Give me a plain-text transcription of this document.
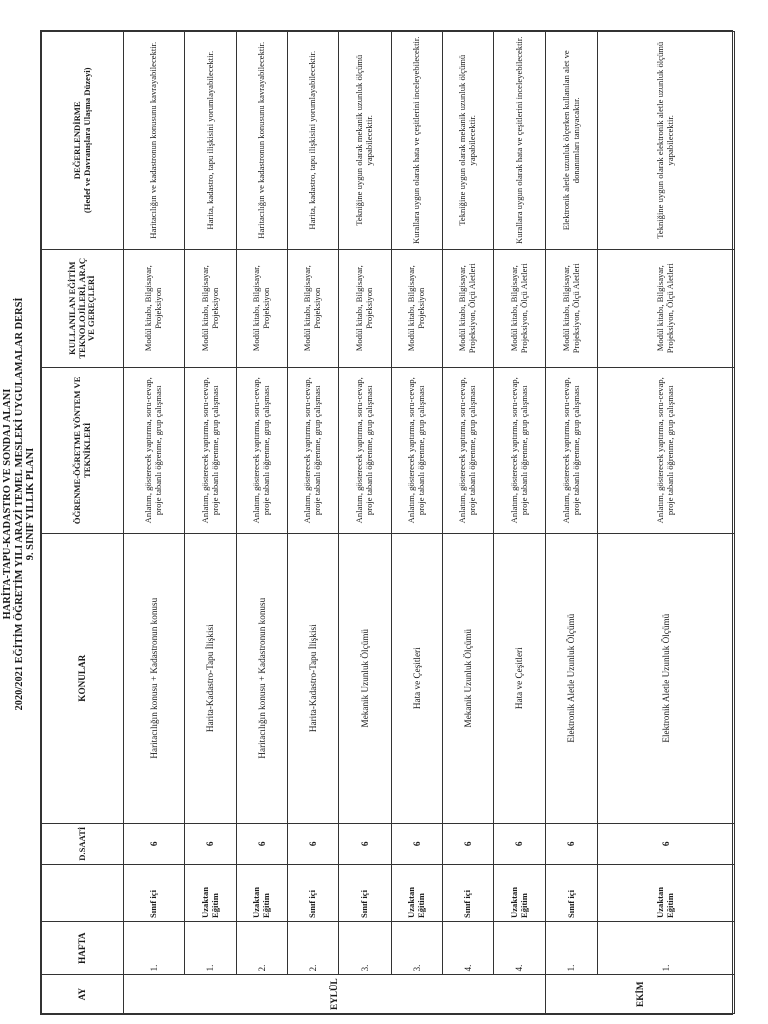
HARİTA-TAPU-KADASTRO VE SONDAJ ALANI 2020/2021 EĞİTİM ÖĞRETİM YILI ARAZİ TEMEL MESLEKİ UYGULAMALAR DERSİ 9. SINIF YILLIK PLANI
AY	HAFTA		D.SAATİ	KONULAR	ÖĞRENME-ÖĞRETME YÖNTEM VE TEKNİKLERİ	KULLANILAN EĞİTİM TEKNOLOJİLERİ, ARAÇ VE GEREÇLERİ	DEĞERLENDİRME (Hedef ve Davranışlara Ulaşma Düzeyi)

EYLÜL	1.	Sınıf içi	6	Haritacılığın konusu + Kadastronun konusu	Anlatım, gösterecek yaptırma, soru-cevap, proje tabanlı öğrenme, grup çalışması	Modül kitabı, Bilgisayar, Projeksiyon	Haritacılığın ve kadastronun konusunu kavrayabilecektir.
	1.	Uzaktan Eğitim	6	Harita-Kadastro-Tapu İlişkisi	Anlatım, gösterecek yaptırma, soru-cevap, proje tabanlı öğrenme, grup çalışması	Modül kitabı, Bilgisayar, Projeksiyon	Harita, kadastro, tapu ilişkisini yorumlayabilecektir.
	2.	Uzaktan Eğitim	6	Haritacılığın konusu + Kadastronun konusu	Anlatım, gösterecek yaptırma, soru-cevap, proje tabanlı öğrenme, grup çalışması	Modül kitabı, Bilgisayar, Projeksiyon	Haritacılığın ve kadastronun konusunu kavrayabilecektir.
	2.	Sınıf içi	6	Harita-Kadastro-Tapu İlişkisi	Anlatım, gösterecek yaptırma, soru-cevap, proje tabanlı öğrenme, grup çalışması	Modül kitabı, Bilgisayar, Projeksiyon	Harita, kadastro, tapu ilişkisini yorumlayabilecektir.
	3.	Sınıf içi	6	Mekanik Uzunluk Ölçümü	Anlatım, gösterecek yaptırma, soru-cevap, proje tabanlı öğrenme, grup çalışması	Modül kitabı, Bilgisayar, Projeksiyon	Tekniğine uygun olarak mekanik uzunluk ölçümü yapabilecektir.
	3.	Uzaktan Eğitim	6	Hata ve Çeşitleri	Anlatım, gösterecek yaptırma, soru-cevap, proje tabanlı öğrenme, grup çalışması	Modül kitabı, Bilgisayar, Projeksiyon	Kurallara uygun olarak hata ve çeşitlerini inceleyebilecektir.
	4.	Sınıf içi	6	Mekanik Uzunluk Ölçümü	Anlatım, gösterecek yaptırma, soru-cevap, proje tabanlı öğrenme, grup çalışması	Modül kitabı, Bilgisayar, Projeksiyon, Ölçü Aletleri	Tekniğine uygun olarak mekanik uzunluk ölçümü yapabilecektir.
	4.	Uzaktan Eğitim	6	Hata ve Çeşitleri	Anlatım, gösterecek yaptırma, soru-cevap, proje tabanlı öğrenme, grup çalışması	Modül kitabı, Bilgisayar, Projeksiyon, Ölçü Aletleri	Kurallara uygun olarak hata ve çeşitlerini inceleyebilecektir.
EKİM	1.	Sınıf içi	6	Elektronik Aletle Uzunluk Ölçümü	Anlatım, gösterecek yaptırma, soru-cevap, proje tabanlı öğrenme, grup çalışması	Modül kitabı, Bilgisayar, Projeksiyon, Ölçü Aletleri	Elektronik aletle uzunluk ölçerken kullanılan alet ve donanımları tanıyacaktır.
	1.	Uzaktan Eğitim	6	Elektronik Aletle Uzunluk Ölçümü	Anlatım, gösterecek yaptırma, soru-cevap, proje tabanlı öğrenme, grup çalışması	Modül kitabı, Bilgisayar, Projeksiyon, Ölçü Aletleri	Tekniğine uygun olarak elektronik aletle uzunluk ölçümü yapabilecektir.
